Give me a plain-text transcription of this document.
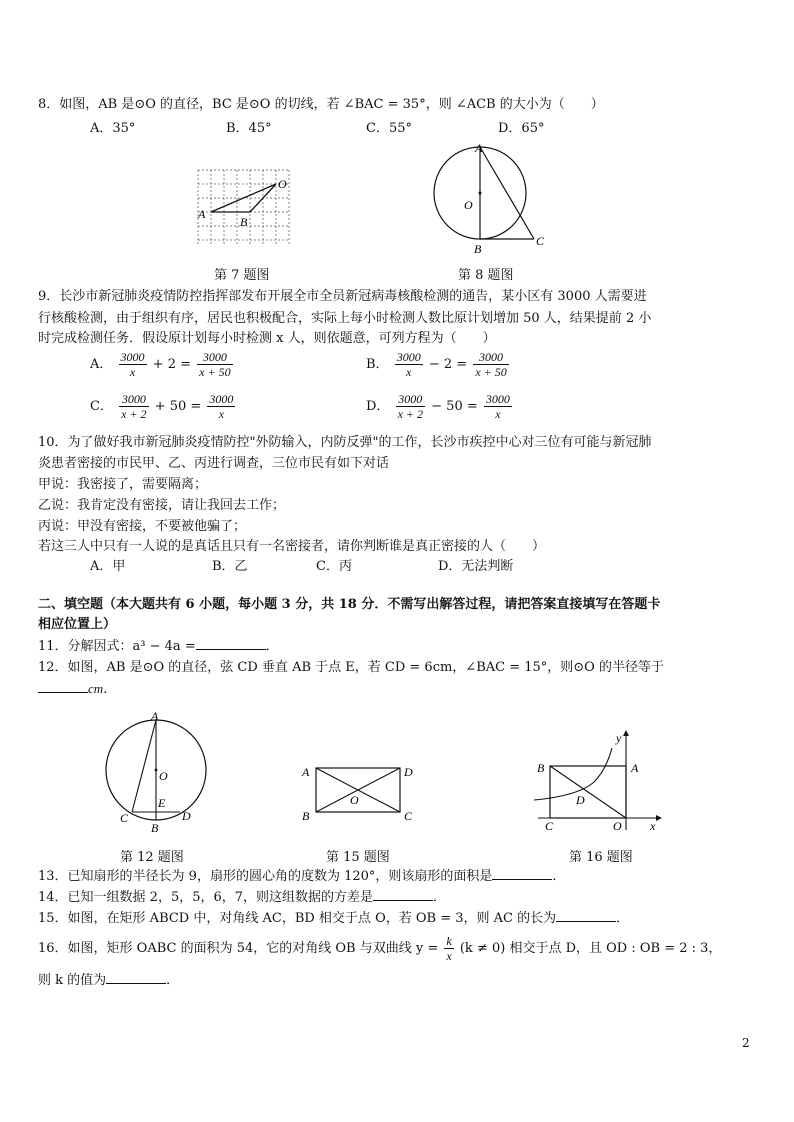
8．如图，AB 是⊙O 的直径，BC 是⊙O 的切线，若 ∠BAC = 35°，则 ∠ACB 的大小为（　　）
A．35°	B．45°	C．55°	D．65°
O
A
B
第 7 题图
A
O
B
C
第 8 题图
9．长沙市新冠肺炎疫情防控指挥部发布开展全市全员新冠病毒核酸检测的通告，某小区有 3000 人需要进
行核酸检测，由于组织有序，居民也积极配合，实际上每小时检测人数比原计划增加 50 人，结果提前 2 小
时完成检测任务．假设原计划每小时检测 x 人，则依题意，可列方程为（　　）
A． $\frac{3000}{x} + 2 = \frac{3000}{x + 50}$	B． $\frac{3000}{x} - 2 = \frac{3000}{x + 50}$
C． $\frac{3000}{x + 2} + 50 = \frac{3000}{x}$	D． $\frac{3000}{x + 2} - 50 = \frac{3000}{x}$
10．为了做好我市新冠肺炎疫情防控"外防输入，内防反弹"的工作，长沙市疾控中心对三位有可能与新冠肺
炎患者密接的市民甲、乙、丙进行调查，三位市民有如下对话
甲说：我密接了，需要隔离；
乙说：我肯定没有密接，请让我回去工作；
丙说：甲没有密接，不要被他骗了；
若这三人中只有一人说的是真话且只有一名密接者，请你判断谁是真正密接的人（　　）
A．甲	B．乙	C．丙	D．无法判断
二、填空题（本大题共有 6 小题，每小题 3 分，共 18 分．不需写出解答过程，请把答案直接填写在答题卡
相应位置上）
11．分解因式：a³ − 4a =	．
12．如图，AB 是⊙O 的直径，弦 CD 垂直 AB 于点 E，若 CD = 6cm，∠BAC = 15°，则⊙O 的半径等于
cm．
A
O
E
C
B
D
第 12 题图
A	D
O
B	C
第 15 题图
y
B	A
D
C	O x
第 16 题图
13．已知扇形的半径长为 9，扇形的圆心角的度数为 120°，则该扇形的面积是	．
14．已知一组数据 2，5，5，6，7，则这组数据的方差是	．
15．如图，在矩形 ABCD 中，对角线 AC，BD 相交于点 O，若 OB = 3，则 AC 的长为	．
16．如图，矩形 OABC 的面积为 54，它的对角线 OB 与双曲线 $y = \frac{k}{x} (k \ne 0)$ 相交于点 D，且 OD : OB = 2 : 3，
则 k 的值为	．
2
